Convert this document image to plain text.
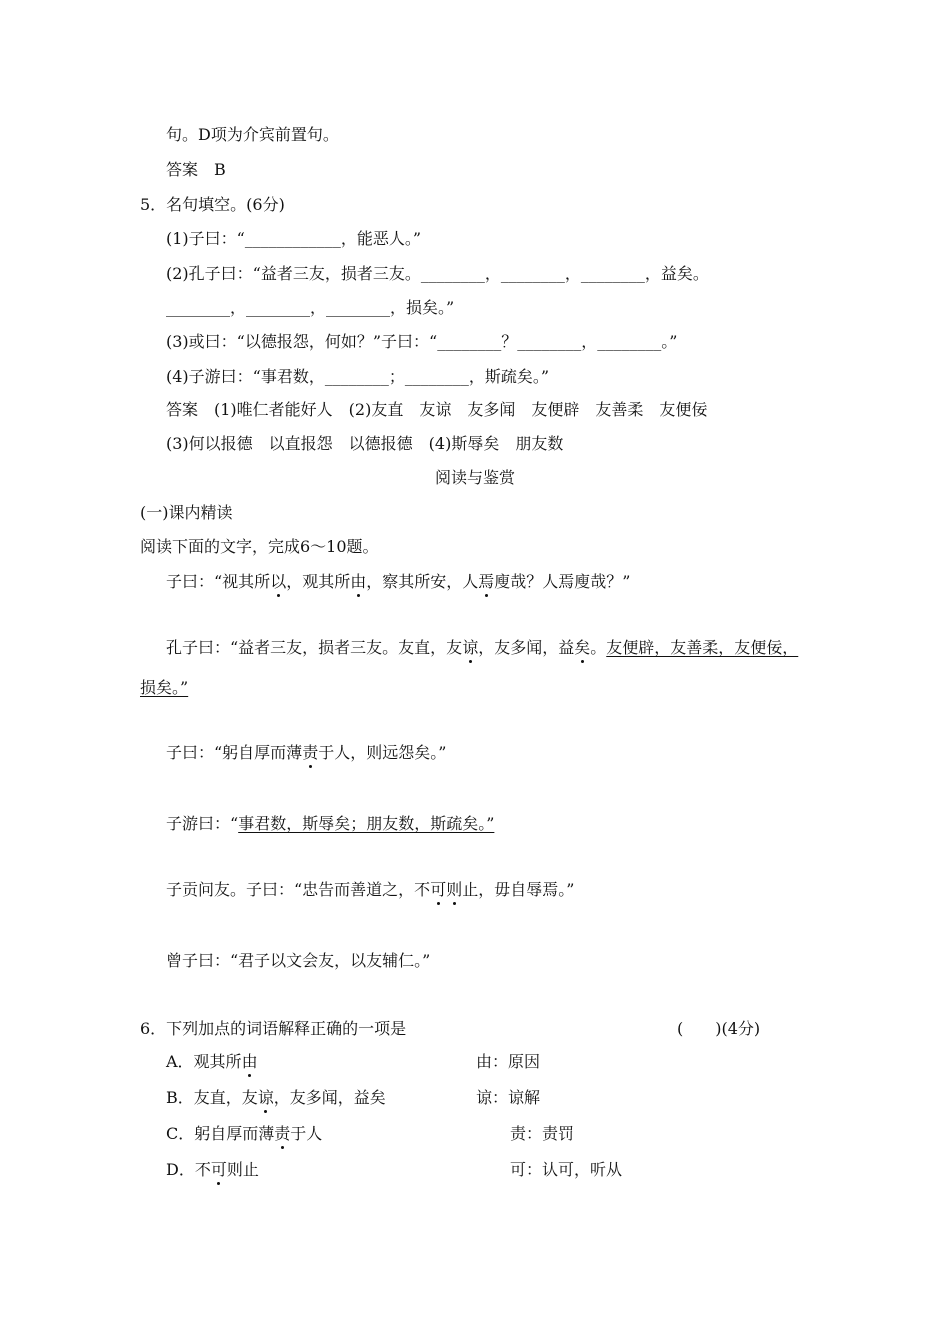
句。D项为介宾前置句。
答案　B
5．名句填空。(6分)
(1)子曰：“____________，能恶人。”
(2)孔子曰：“益者三友，损者三友。________，________，________，益矣。
________，________，________，损矣。”
(3)或曰：“以德报怨，何如？”子曰：“________？________，________。”
(4)子游曰：“事君数，________；________，斯疏矣。”
答案　(1)唯仁者能好人　(2)友直　友谅　友多闻　友便辟　友善柔　友便佞
(3)何以报德　以直报怨　以德报德　(4)斯辱矣　朋友数
阅读与鉴赏
(一)课内精读
阅读下面的文字，完成6～10题。
子曰：“视其所以，观其所由，察其所安，人焉廋哉？人焉廋哉？”
孔子曰：“益者三友，损者三友。友直，友谅，友多闻，益矣。友便辟，友善柔，友便佞，
损矣。”
子曰：“躬自厚而薄责于人，则远怨矣。”
子游曰：“事君数，斯辱矣；朋友数，斯疏矣。”
子贡问友。子曰：“忠告而善道之，不可则止，毋自辱焉。”
曾子曰：“君子以文会友，以友辅仁。”
6．下列加点的词语解释正确的一项是	(　　)(4分)
A．观其所由	由：原因
B．友直，友谅，友多闻，益矣	谅：谅解
C．躬自厚而薄责于人	责：责罚
D．不可则止	可：认可，听从
